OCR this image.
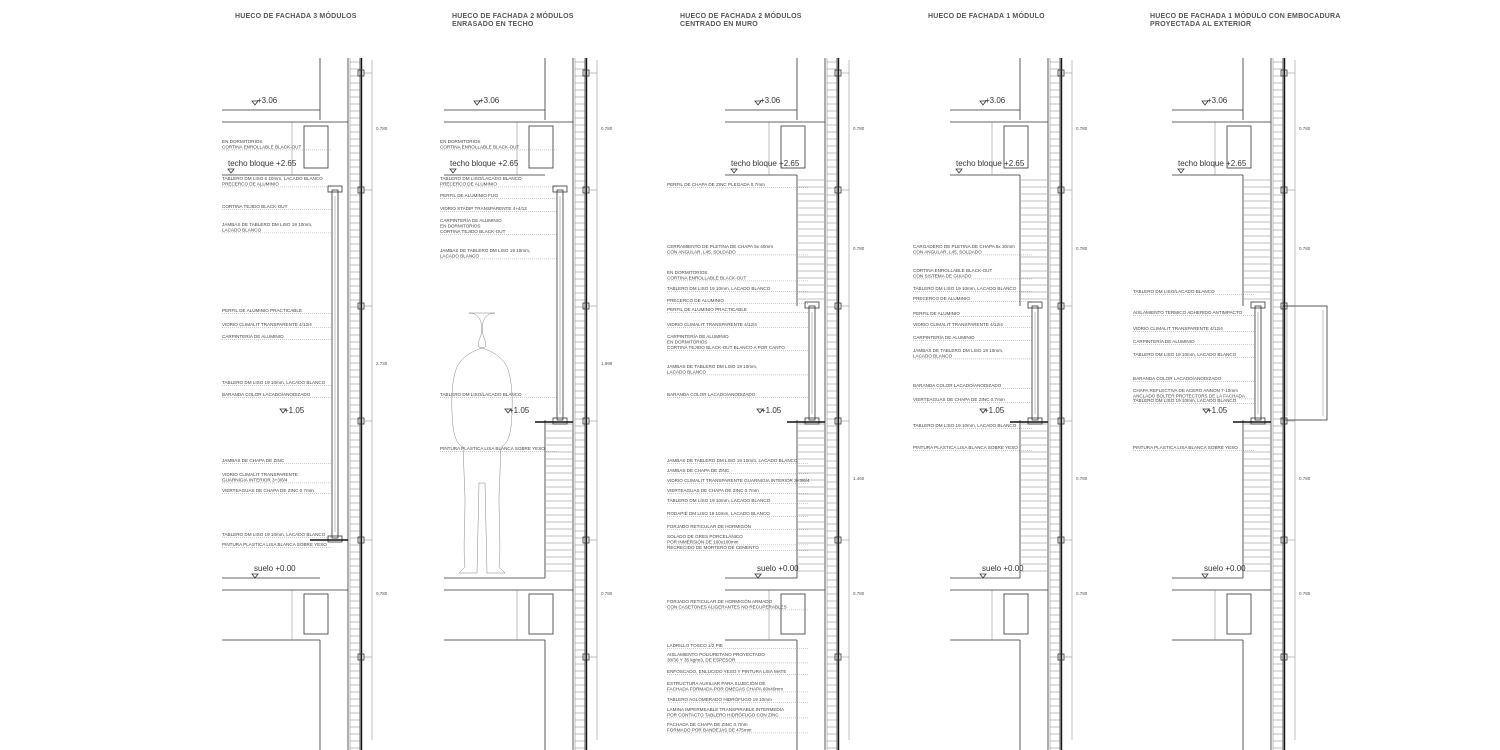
HUECO DE FACHADA 3 MÓDULOS
+3.06
techo bloque +2.65
suelo +0.00
+1.05
EN DORMITORIOS
CORTINA ENROLLABLE BLACK-OUT
TABLERO DM LISO 6 10mm, LACADO BLANCO
PRECERCO DE ALUMINIO
CORTINA TEJIDO BLACK-OUT
JAMBAS DE TABLERO DM LISO 19 10mm,
LACADO BLANCO
PERFIL DE ALUMINIO PRACTICABLE
VIDRIO CLIMALIT TRANSPARENTE 4/12/4
CARPINTERÍA DE ALUMINIO
TABLERO DM LISO 19 10mm, LACADO BLANCO
BARANDA COLOR LACADO/ANODIZADO
JAMBAS DE CHAPA DE ZINC
VIDRIO CLIMALIT TRANSPARENTE
GUARNIGIA INTERIOR 3+3/6/4
VIERTEAGUAS DE CHAPA DE ZINC 0.7mm
TABLERO DM LISO 19 10mm, LACADO BLANCO
PINTURA PLASTICA LISA BLANCA SOBRE YESO
0.780
2.730
0.780
HUECO DE FACHADA 2 MÓDULOS
ENRASADO EN TECHO
+3.06
techo bloque +2.65
+1.05
EN DORMITORIOS
CORTINA ENROLLABLE BLACK-OUT
TABLERO DM LISO/LACADO BLANCO
PRECERCO DE ALUMINIO
PERFIL DE ALUMINIO FIJO
VIDRIO STADIP TRANSPARENTE 4+4/12
CARPINTERÍA DE ALUMINIO
EN DORMITORIOS
CORTINA TEJIDO BLACK-OUT
JAMBAS DE TABLERO DM LISO 19 10mm,
LACADO BLANCO
TABLERO DM LISO/LACADO BLANCO
PINTURA PLASTICA LISA BLANCA SOBRE YESO
0.780
1.999
0.780
HUECO DE FACHADA 2 MÓDULOS
CENTRADO EN MURO
+3.06
techo bloque +2.65
suelo +0.00
+1.05
PERFIL DE CHAPA DE ZINC PLEGADA 0.7mm
CERRAMIENTO DE PLETINA DE CHAPA 5x 40mm
CON ANGULAR, L45, SOLDADO
EN DORMITORIOS
CORTINA ENROLLABLE BLACK-OUT
TABLERO DM LISO 19 10mm, LACADO BLANCO
PRECERCO DE ALUMINIO
PERFIL DE ALUMINIO PRACTICABLE
VIDRIO CLIMALIT TRANSPARENTE 4/12/4
CARPINTERÍA DE ALUMINIO
EN DORMITORIOS
CORTINA TEJIDO BLACK-OUT BLANCO A POR CANTO
JAMBAS DE TABLERO DM LISO 19 10mm,
LACADO BLANCO
BARANDA COLOR LACADO/ANODIZADO
JAMBAS DE TABLERO DM LISO 19 10mm, LACADO BLANCO
JAMBAS DE CHAPA DE ZINC
VIDRIO CLIMALIT TRANSPARENTE GUARNIGIA INTERIOR 3+3/6/4
VIERTEAGUAS DE CHAPA DE ZINC 0.7mm
TABLERO DM LISO 19 10mm, LACADO BLANCO
RODAPIÉ DM LISO 19 10mm, LACADO BLANCO
FORJADO RETICULAR DE HORMIGÓN
SOLADO DE GRES PORCELÁNICO
POR INMERSIÓN DE 100x100mm
RECRECIDO DE MORTERO DE CEMENTO
FORJADO RETICULAR DE HORMIGÓN ARMADO
CON CASETONES ALIGERANTES NO RECUPERABLES
LADRILLO TOSCO 1/2 PIE
AISLAMIENTO POLIURETANO PROYECTADO
30/36 Y 35 kg/m3, DE ESPESOR
ENFOSCADO, ENLUCIDO YESO Y PINTURA LISA MATE
ESTRUCTURA AUXILIAR PARA SUJECIÓN DE
FACHADA FORMADA POR OMEGAS CHAPA 60x40mm
TABLERO AGLOMERADO HIDRÓFUGO 19 10mm
LAMINA IMPERMEABLE TRANSPIRABLE INTERMEDIA
POR CONTACTO TABLERO HIDRÓFUGO CON ZINC
FACHADA DE CHAPA DE ZINC 0.7mm
FORMADO POR BANDEJAS DE 475mm
0.780
0.780
1.460
0.780
HUECO DE FACHADA 1 MÓDULO
+3.06
techo bloque +2.65
suelo +0.00
+1.05
CARGADERO DE PLETINA DE CHAPA 5x 30mm
CON ANGULAR, L45, SOLDADO
CORTINA ENROLLABLE BLACK-OUT
CON SISTEMA DE GUIADO
TABLERO DM LISO 19 10mm, LACADO BLANCO
PRECERCO DE ALUMINIO
PERFIL DE ALUMINIO
VIDRIO CLIMALIT TRANSPARENTE 4/12/4
CARPINTERÍA DE ALUMINIO
JAMBAS DE TABLERO DM LISO 19 10mm,
LACADO BLANCO
BARANDA COLOR LACADO/ANODIZADO
VIERTEAGUAS DE CHAPA DE ZINC 0.7mm
TABLERO DM LISO 19 10mm, LACADO BLANCO
PINTURA PLASTICA LISA BLANCA SOBRE YESO
0.780
0.780
0.780
0.780
HUECO DE FACHADA 1 MÓDULO CON EMBOCADURA
PROYECTADA AL EXTERIOR
+3.06
techo bloque +2.65
suelo +0.00
+1.05
TABLERO DM LISO/LACADO BLANCO
AISLAMIENTO TERMICO ADHERIDO ANTIMPACTO
VIDRIO CLIMALIT TRANSPARENTE 4/12/4
CARPINTERÍA DE ALUMINIO
TABLERO DM LISO 19 10mm, LACADO BLANCO
BARANDA COLOR LACADO/ANODIZADO
CHAPA REFLECTIVA DE ACERO ANNON 7-10mm
ANCLADO BOLTER PROTECTORS DE LA FACHADA
TABLERO DM LISO 19 10mm, LACADO BLANCO
PINTURA PLASTICA LISA BLANCA SOBRE YESO
0.780
0.780
0.780
0.780
